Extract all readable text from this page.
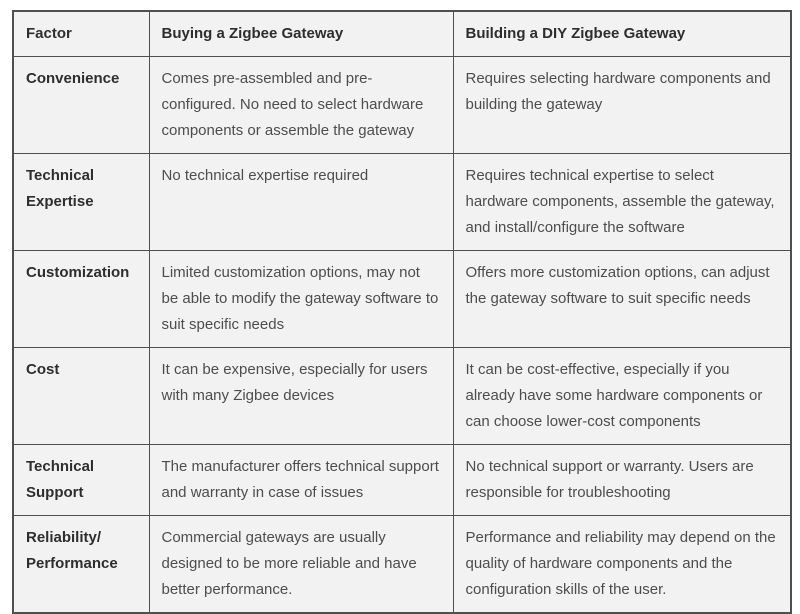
Factor	Buying a Zigbee Gateway	Building a DIY Zigbee Gateway
Convenience	Comes pre-assembled and pre-configured. No need to select hardware components or assemble the gateway	Requires selecting hardware components and building the gateway
Technical Expertise	No technical expertise required	Requires technical expertise to select hardware components, assemble the gateway, and install/configure the software
Customization	Limited customization options, may not be able to modify the gateway software to suit specific needs	Offers more customization options, can adjust the gateway software to suit specific needs
Cost	It can be expensive, especially for users with many Zigbee devices	It can be cost-effective, especially if you already have some hardware components or can choose lower-cost components
Technical Support	The manufacturer offers technical support and warranty in case of issues	No technical support or warranty. Users are responsible for troubleshooting
Reliability/ Performance	Commercial gateways are usually designed to be more reliable and have better performance.	Performance and reliability may depend on the quality of hardware components and the configuration skills of the user.
